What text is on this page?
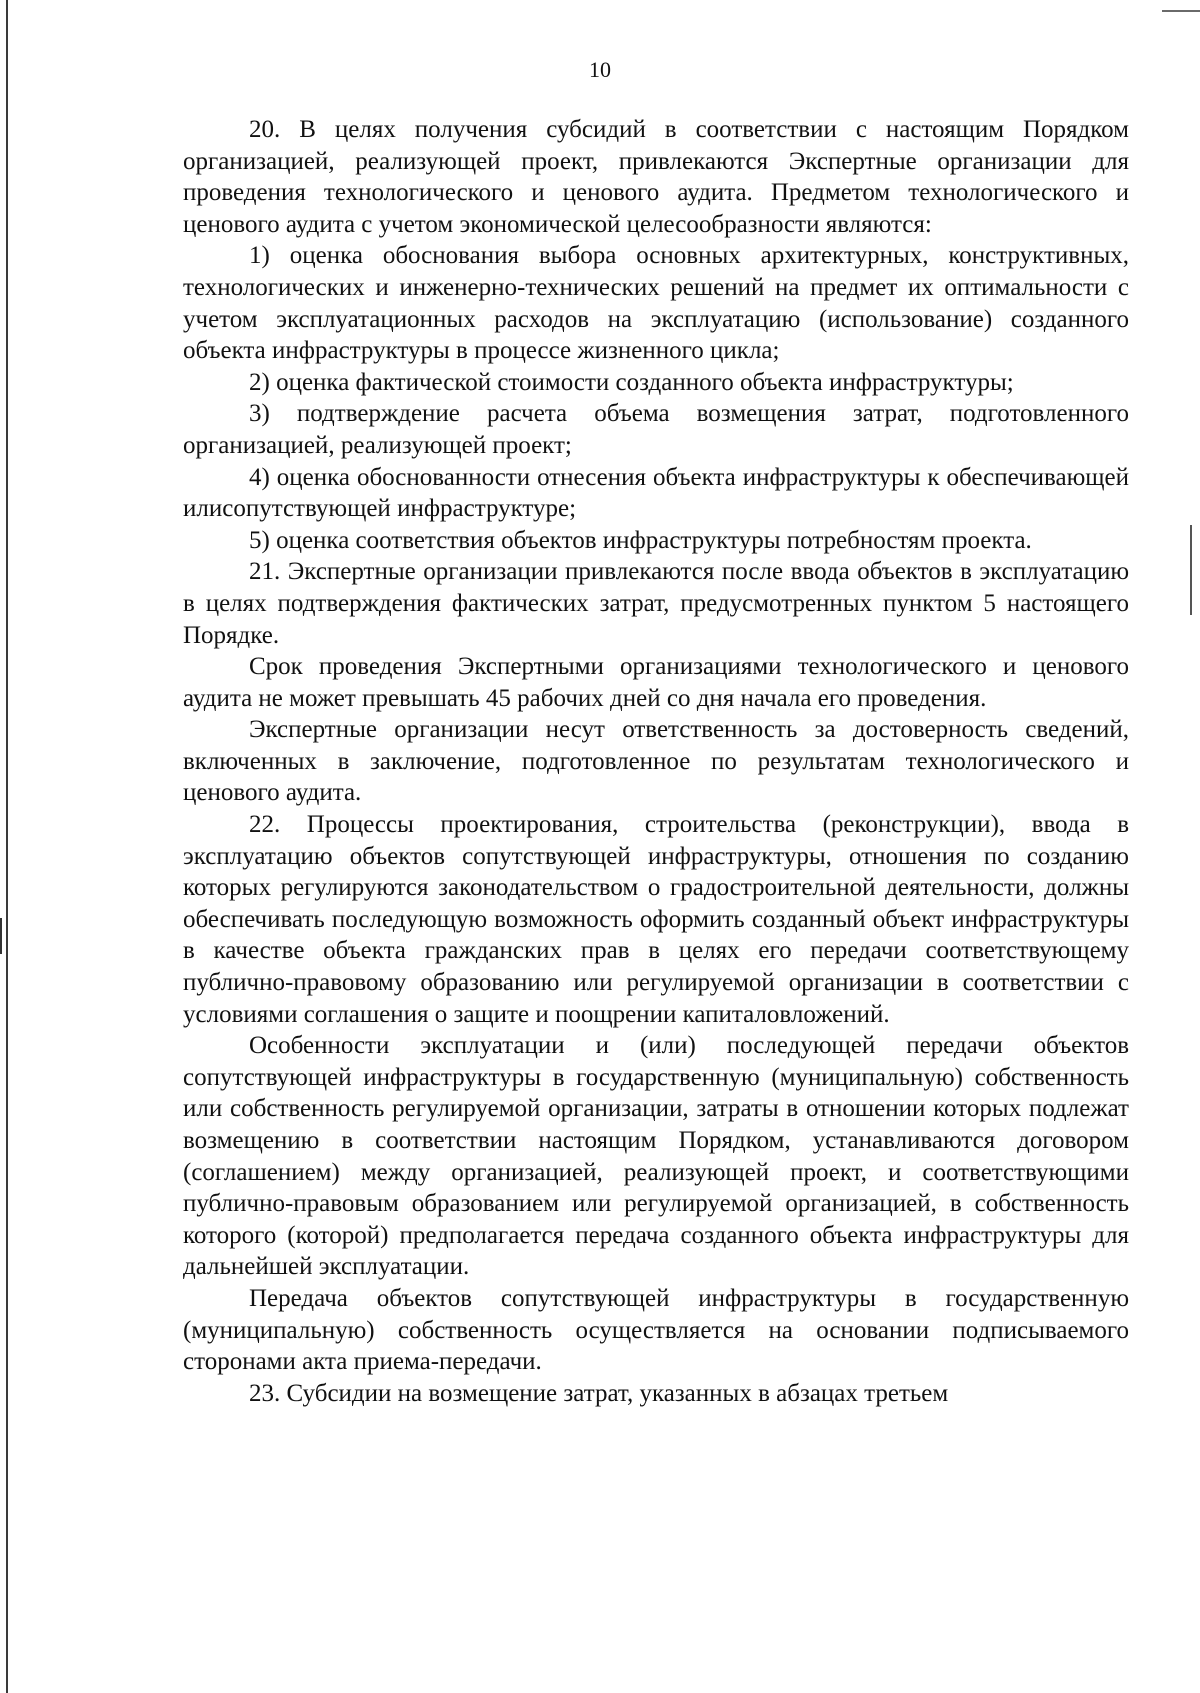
10

20. В целях получения субсидий в соответствии с настоящим Порядком организацией, реализующей проект, привлекаются Экспертные организации для проведения технологического и ценового аудита. Предметом технологического и ценового аудита с учетом экономической целесообразности являются:

1) оценка обоснования выбора основных архитектурных, конструктивных, технологических и инженерно-технических решений на предмет их оптимальности с учетом эксплуатационных расходов на эксплуатацию (использование) созданного объекта инфраструктуры в процессе жизненного цикла;

2) оценка фактической стоимости созданного объекта инфраструктуры;

3) подтверждение расчета объема возмещения затрат, подготовленного организацией, реализующей проект;

4) оценка обоснованности отнесения объекта инфраструктуры к обеспечивающей илисопутствующей инфраструктуре;

5) оценка соответствия объектов инфраструктуры потребностям проекта.

21. Экспертные организации привлекаются после ввода объектов в эксплуатацию в целях подтверждения фактических затрат, предусмотренных пунктом 5 настоящего Порядке.

Срок проведения Экспертными организациями технологического и ценового аудита не может превышать 45 рабочих дней со дня начала его проведения.

Экспертные организации несут ответственность за достоверность сведений, включенных в заключение, подготовленное по результатам технологического и ценового аудита.

22. Процессы проектирования, строительства (реконструкции), ввода в эксплуатацию объектов сопутствующей инфраструктуры, отношения по созданию которых регулируются законодательством о градостроительной деятельности, должны обеспечивать последующую возможность оформить созданный объект инфраструктуры в качестве объекта гражданских прав в целях его передачи соответствующему публично-правовому образованию или регулируемой организации в соответствии с условиями соглашения о защите и поощрении капиталовложений.

Особенности эксплуатации и (или) последующей передачи объектов сопутствующей инфраструктуры в государственную (муниципальную) собственность или собственность регулируемой организации, затраты в отношении которых подлежат возмещению в соответствии настоящим Порядком, устанавливаются договором (соглашением) между организацией, реализующей проект, и соответствующими публично-правовым образованием или регулируемой организацией, в собственность которого (которой) предполагается передача созданного объекта инфраструктуры для дальнейшей эксплуатации.

Передача объектов сопутствующей инфраструктуры в государственную (муниципальную) собственность осуществляется на основании подписываемого сторонами акта приема-передачи.

23. Субсидии на возмещение затрат, указанных в абзацах третьем
